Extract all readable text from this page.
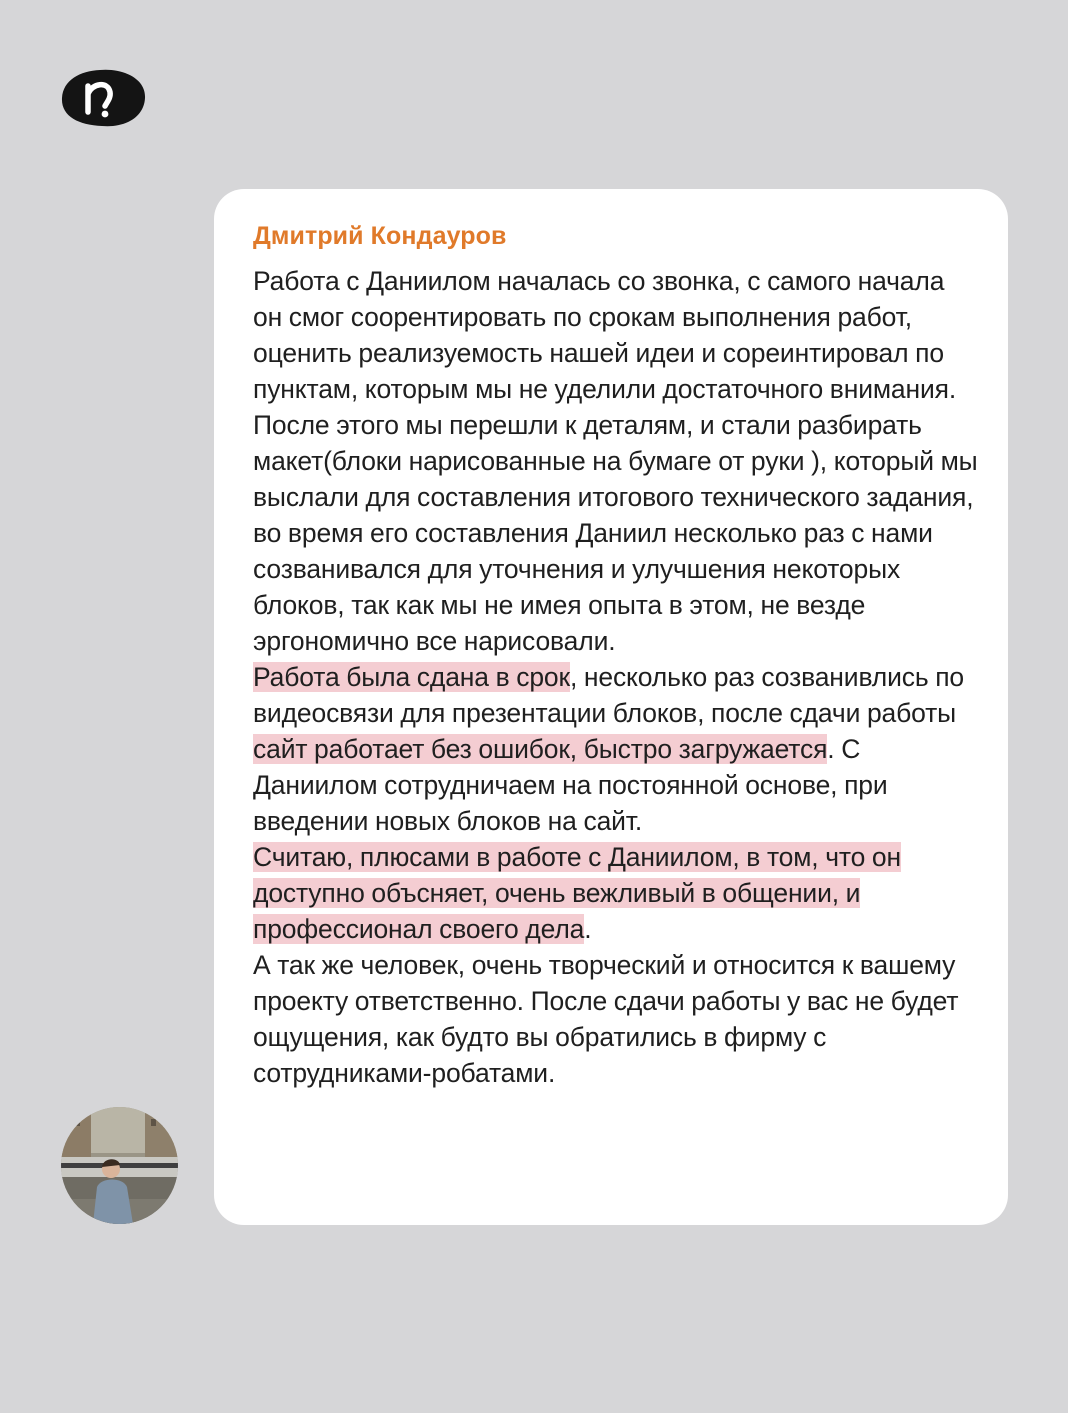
Дмитрий Кондауров

Работа с Даниилом началась со звонка, с самого начала он смог соорентировать по срокам выполнения работ, оценить реализуемость нашей идеи и сореинтировал по пунктам, которым мы не уделили достаточного внимания.

После этого мы перешли к деталям, и стали разбирать макет(блоки нарисованные на бумаге от руки ), который мы выслали для составления итогового технического задания, во время его составления Даниил несколько раз с нами созванивался для уточнения и улучшения некоторых блоков, так как мы не имея опыта в этом, не везде эргономично все нарисовали.

Работа была сдана в срок, несколько раз созванивлись по видеосвязи для презентации блоков, после сдачи работы сайт работает без ошибок, быстро загружается. С Даниилом сотрудничаем на постоянной основе, при введении новых блоков на сайт.

Считаю, плюсами в работе с Даниилом, в том, что он доступно объсняет, очень вежливый в общении, и профессионал своего дела.

А так же человек, очень творческий и относится к вашему проекту ответственно. После сдачи работы у вас не будет ощущения, как будто вы обратились в фирму с сотрудниками-робатами.
